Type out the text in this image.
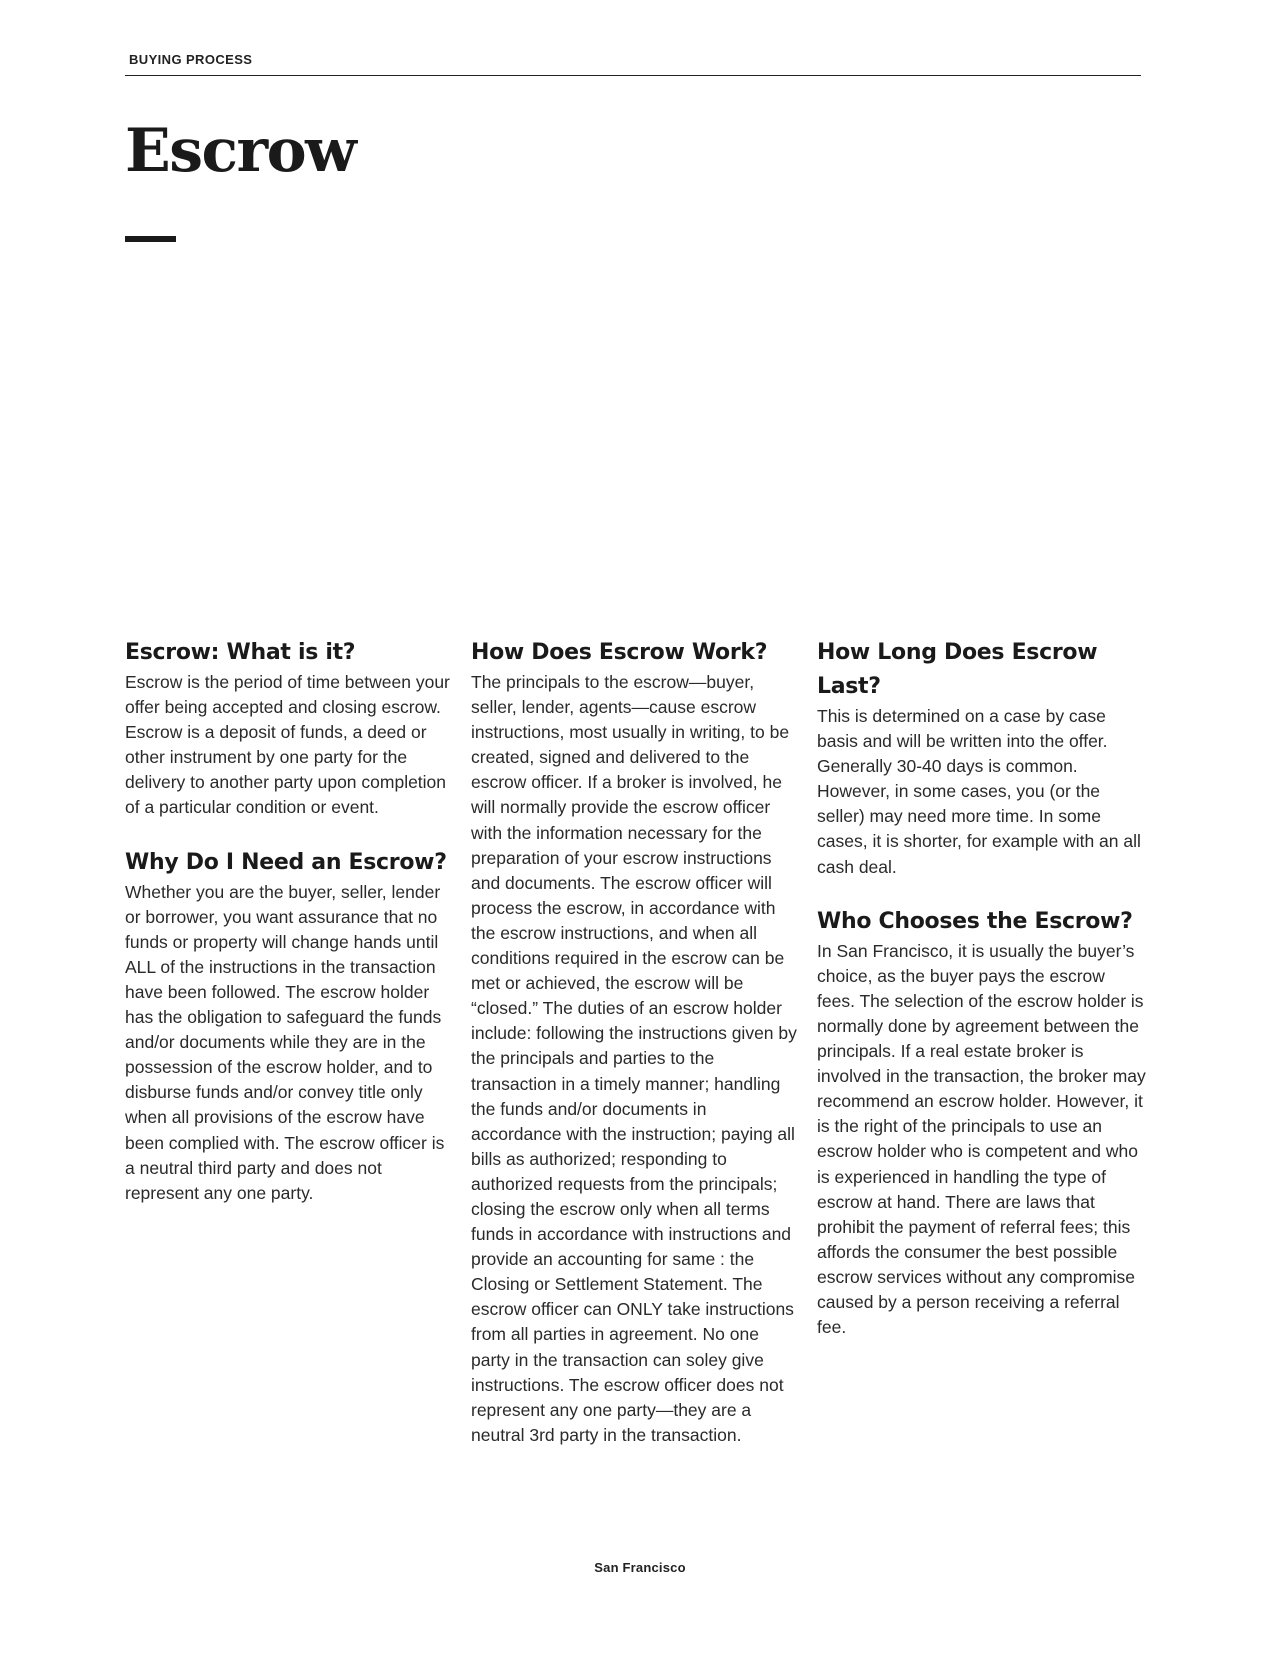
BUYING PROCESS
Escrow
Escrow: What is it?

Escrow is the period of time between your offer being accepted and closing escrow. Escrow is a deposit of funds, a deed or other instrument by one party for the delivery to another party upon completion of a particular condition or event.

Why Do I Need an Escrow?

Whether you are the buyer, seller, lender or borrower, you want assurance that no funds or property will change hands until ALL of the instructions in the transaction have been followed. The escrow holder has the obligation to safeguard the funds and/or documents while they are in the possession of the escrow holder, and to disburse funds and/or convey title only when all provisions of the escrow have been complied with. The escrow officer is a neutral third party and does not represent any one party.

How Does Escrow Work?

The principals to the escrow—buyer, seller, lender, agents—cause escrow instructions, most usually in writing, to be created, signed and delivered to the escrow officer. If a broker is involved, he will normally provide the escrow officer with the information necessary for the preparation of your escrow instructions and documents. The escrow officer will process the escrow, in accordance with the escrow instructions, and when all conditions required in the escrow can be met or achieved, the escrow will be “closed.” The duties of an escrow holder include: following the instructions given by the principals and parties to the transaction in a timely manner; handling the funds and/or documents in accordance with the instruction; paying all bills as authorized; responding to authorized requests from the principals; closing the escrow only when all terms funds in accordance with instructions and provide an accounting for same : the Closing or Settlement Statement. The escrow officer can ONLY take instructions from all parties in agreement. No one party in the transaction can soley give instructions. The escrow officer does not represent any one party—they are a neutral 3rd party in the transaction.

How Long Does Escrow Last?

This is determined on a case by case basis and will be written into the offer. Generally 30-40 days is common. However, in some cases, you (or the seller) may need more time. In some cases, it is shorter, for example with an all cash deal.

Who Chooses the Escrow?

In San Francisco, it is usually the buyer’s choice, as the buyer pays the escrow fees. The selection of the escrow holder is normally done by agreement between the principals. If a real estate broker is involved in the transaction, the broker may recommend an escrow holder. However, it is the right of the principals to use an escrow holder who is competent and who is experienced in handling the type of escrow at hand. There are laws that prohibit the payment of referral fees; this affords the consumer the best possible escrow services without any compromise caused by a person receiving a referral fee.

San Francisco
